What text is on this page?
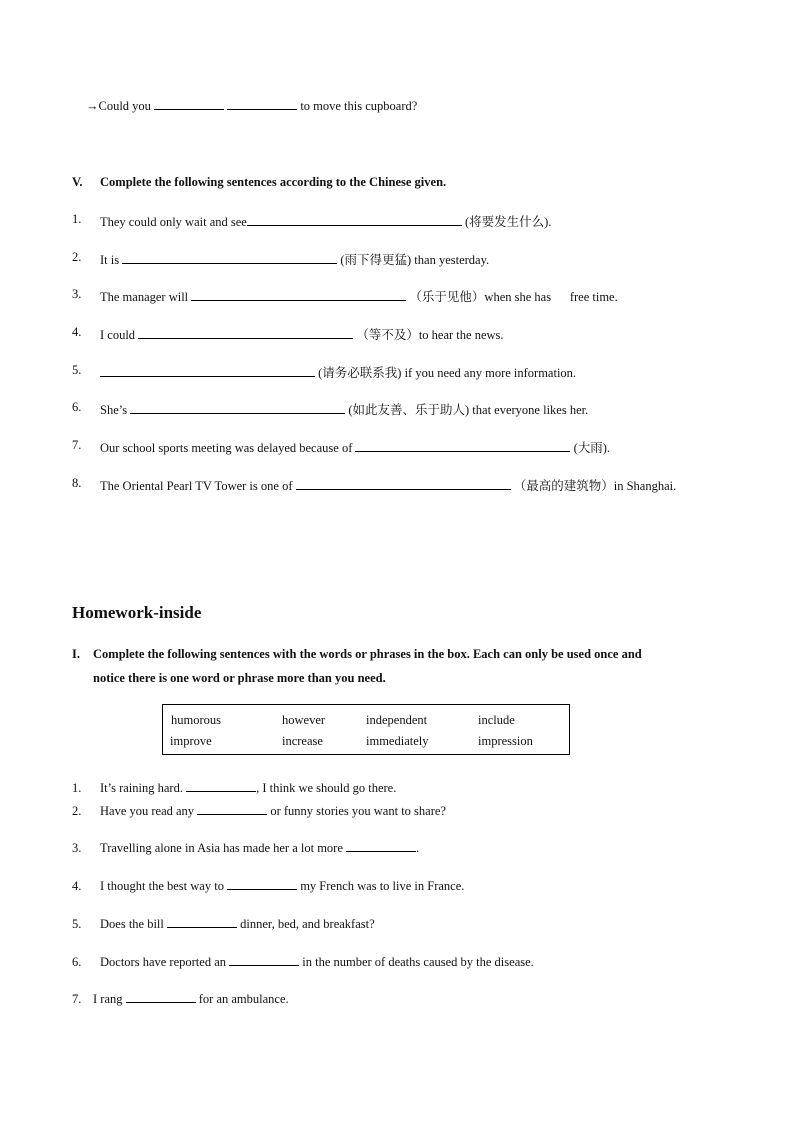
→Could you	to move this cupboard?
V. Complete the following sentences according to the Chinese given.
1. They could only wait and see	(将要发生什么).
2. It is	(雨下得更猛) than yesterday.
3. The manager will	（乐于见他）when she has      free time.
4. I could	（等不及）to hear the news.
5.	(请务必联系我) if you need any more information.
6. She’s	(如此友善、乐于助人) that everyone likes her.
7. Our school sports meeting was delayed because of	(大雨).
8. The Oriental Pearl TV Tower is one of	（最高的建筑物）in Shanghai.
Homework-inside
I. Complete the following sentences with the words or phrases in the box. Each can only be used once and
notice there is one word or phrase more than you need.
humorous	however	independent	include
improve	increase	immediately	impression
1. It’s raining hard.	, I think we should go there.
2. Have you read any	or funny stories you want to share?
3. Travelling alone in Asia has made her a lot more	.
4. I thought the best way to	my French was to live in France.
5. Does the bill	dinner, bed, and breakfast?
6. Doctors have reported an	in the number of deaths caused by the disease.
7. I rang	for an ambulance.
